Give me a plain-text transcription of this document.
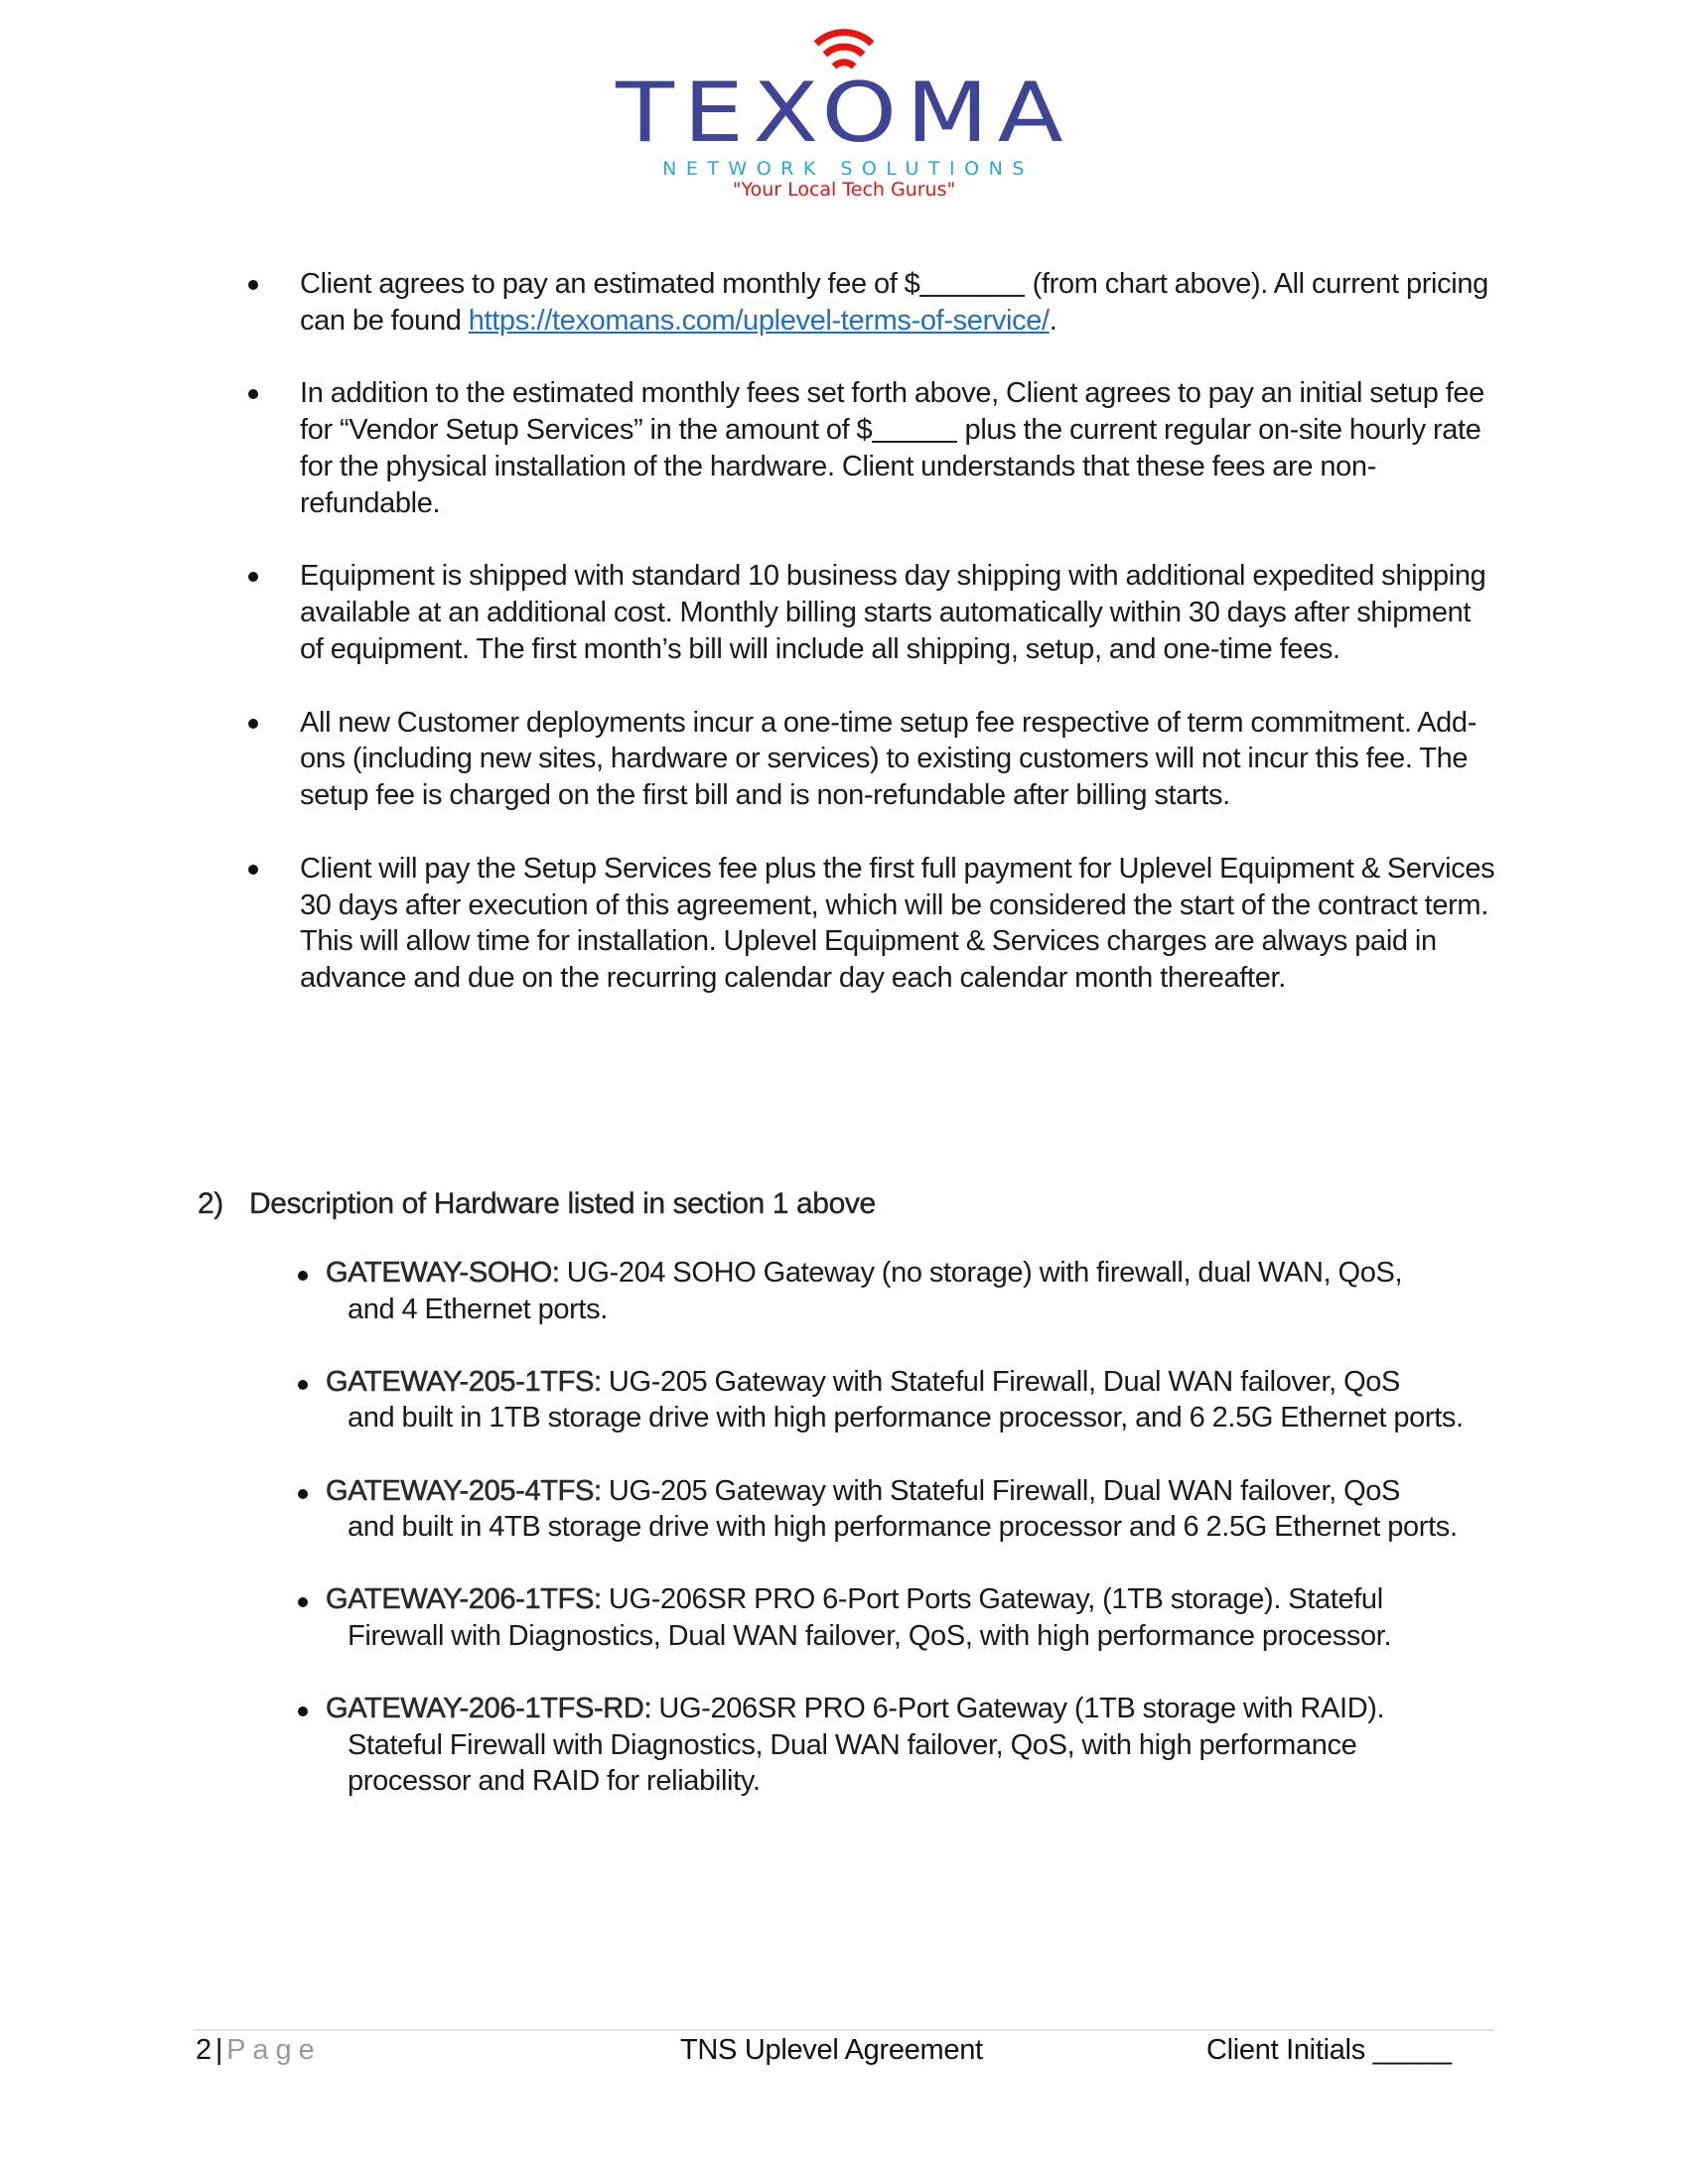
TEXOMA
NETWORK SOLUTIONS
"Your Local Tech Gurus"
Client agrees to pay an estimated monthly fee of $	(from chart above). All current pricing can be found https://texomans.com/uplevel-terms-of-service/.
In addition to the estimated monthly fees set forth above, Client agrees to pay an initial setup fee for “Vendor Setup Services” in the amount of $	plus the current regular on-site hourly rate for the physical installation of the hardware. Client understands that these fees are non-refundable.
Equipment is shipped with standard 10 business day shipping with additional expedited shipping available at an additional cost. Monthly billing starts automatically within 30 days after shipment of equipment. The first month’s bill will include all shipping, setup, and one-time fees.
All new Customer deployments incur a one-time setup fee respective of term commitment. Add-ons (including new sites, hardware or services) to existing customers will not incur this fee. The setup fee is charged on the first bill and is non-refundable after billing starts.
Client will pay the Setup Services fee plus the first full payment for Uplevel Equipment & Services 30 days after execution of this agreement, which will be considered the start of the contract term. This will allow time for installation. Uplevel Equipment & Services charges are always paid in advance and due on the recurring calendar day each calendar month thereafter.
2) Description of Hardware listed in section 1 above
GATEWAY-SOHO: UG-204 SOHO Gateway (no storage) with firewall, dual WAN, QoS,
and 4 Ethernet ports.
GATEWAY-205-1TFS: UG-205 Gateway with Stateful Firewall, Dual WAN failover, QoS
and built in 1TB storage drive with high performance processor, and 6 2.5G Ethernet ports.
GATEWAY-205-4TFS: UG-205 Gateway with Stateful Firewall, Dual WAN failover, QoS
and built in 4TB storage drive with high performance processor and 6 2.5G Ethernet ports.
GATEWAY-206-1TFS: UG-206SR PRO 6-Port Ports Gateway, (1TB storage). Stateful
Firewall with Diagnostics, Dual WAN failover, QoS, with high performance processor.
GATEWAY-206-1TFS-RD: UG-206SR PRO 6-Port Gateway (1TB storage with RAID).
Stateful Firewall with Diagnostics, Dual WAN failover, QoS, with high performance processor and RAID for reliability.
2 | Page	TNS Uplevel Agreement	Client Initials _____
